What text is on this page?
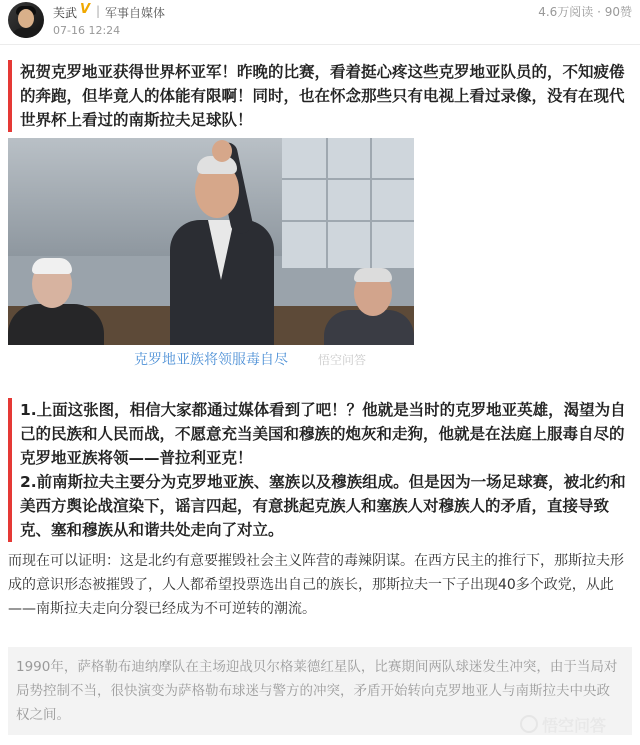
芙武 V | 军事自媒体
07-16 12:24
4.6万阅读 · 90赞
祝贺克罗地亚获得世界杯亚军！昨晚的比赛，看着挺心疼这些克罗地亚队员的，不知疲倦的奔跑，但毕竟人的体能有限啊！同时，也在怀念那些只有电视上看过录像，没有在现代世界杯上看过的南斯拉夫足球队！
克罗地亚族将领服毒自尽	悟空问答
1.上面这张图，相信大家都通过媒体看到了吧！？他就是当时的克罗地亚英雄，渴望为自己的民族和人民而战，不愿意充当美国和穆族的炮灰和走狗，他就是在法庭上服毒自尽的克罗地亚族将领——普拉利亚克！
2.前南斯拉夫主要分为克罗地亚族、塞族以及穆族组成。但是因为一场足球赛，被北约和美西方舆论战渲染下，谣言四起，有意挑起克族人和塞族人对穆族人的矛盾，直接导致克、塞和穆族从和谐共处走向了对立。
而现在可以证明：这是北约有意要摧毁社会主义阵营的毒辣阴谋。在西方民主的推行下，那斯拉夫形成的意识形态被摧毁了，人人都希望投票选出自己的族长，那斯拉夫一下子出现40多个政党，从此——南斯拉夫走向分裂已经成为不可逆转的潮流。
1990年，萨格勒布迪纳摩队在主场迎战贝尔格莱德红星队，比赛期间两队球迷发生冲突，由于当局对局势控制不当，很快演变为萨格勒布球迷与警方的冲突，矛盾开始转向克罗地亚人与南斯拉夫中央政权之间。
悟空问答
